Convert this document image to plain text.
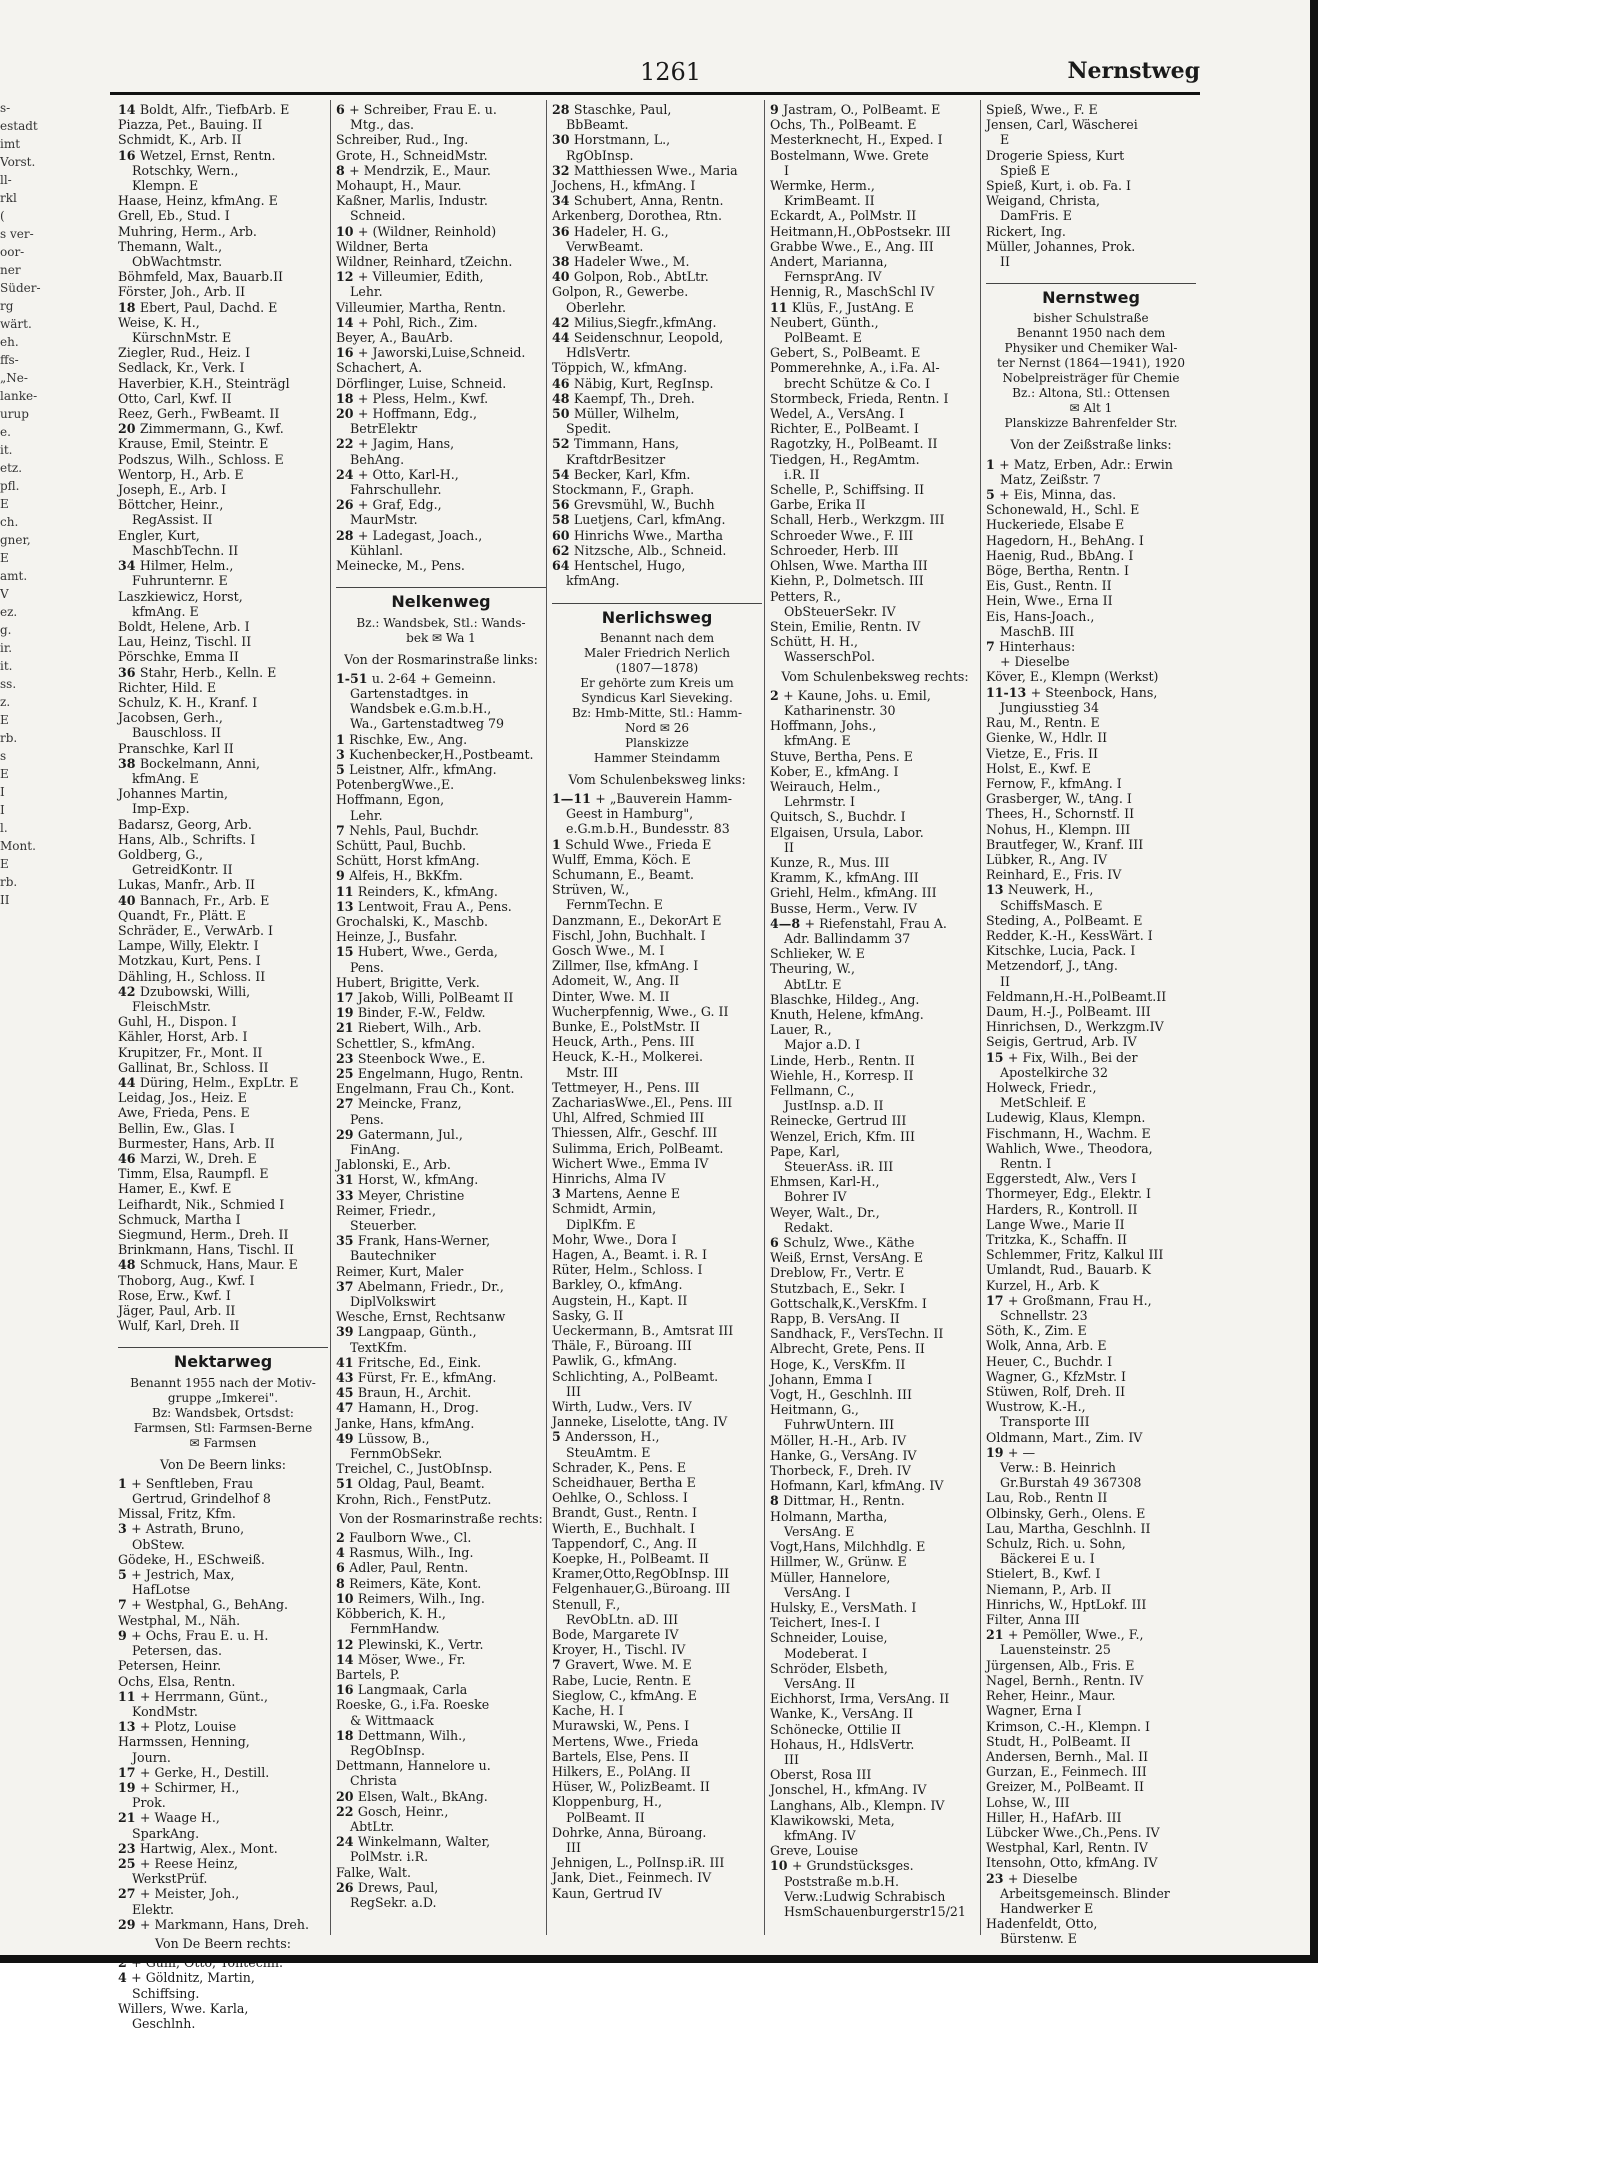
1261	Nernstweg
s-
estadt
imt
Vorst.
ll-
rkl
(
s ver-
oor-
ner
Süder-
rg
wärt.
eh.
ffs-
„Ne-
lanke-
urup
e.
it.
etz.
pfl.
E
ch.
gner,
E
amt.
V
ez.
g.
ir.
it.
ss.
z.
E
rb.
s
E
I
I
l.
Mont.
E
rb.
II
14 Boldt, Alfr., TiefbArb. E
Piazza, Pet., Bauing. II
Schmidt, K., Arb. II
16 Wetzel, Ernst, Rentn.
Rotschky, Wern.,
Klempn. E
Haase, Heinz, kfmAng. E
Grell, Eb., Stud. I
Muhring, Herm., Arb.
Themann, Walt.,
ObWachtmstr.
Böhmfeld, Max, Bauarb.II
Förster, Joh., Arb. II
18 Ebert, Paul, Dachd. E
Weise, K. H.,
KürschnMstr. E
Ziegler, Rud., Heiz. I
Sedlack, Kr., Verk. I
Haverbier, K.H., Steinträgl
Otto, Carl, Kwf. II
Reez, Gerh., FwBeamt. II
20 Zimmermann, G., Kwf.
Krause, Emil, Steintr. E
Podszus, Wilh., Schloss. E
Wentorp, H., Arb. E
Joseph, E., Arb. I
Böttcher, Heinr.,
RegAssist. II
Engler, Kurt,
MaschbTechn. II
34 Hilmer, Helm.,
Fuhrunternr. E
Laszkiewicz, Horst,
kfmAng. E
Boldt, Helene, Arb. I
Lau, Heinz, Tischl. II
Pörschke, Emma II
36 Stahr, Herb., Kelln. E
Richter, Hild. E
Schulz, K. H., Kranf. I
Jacobsen, Gerh.,
Bauschloss. II
Pranschke, Karl II
38 Bockelmann, Anni,
kfmAng. E
Johannes Martin,
Imp-Exp.
Badarsz, Georg, Arb.
Hans, Alb., Schrifts. I
Goldberg, G.,
GetreidKontr. II
Lukas, Manfr., Arb. II
40 Bannach, Fr., Arb. E
Quandt, Fr., Plätt. E
Schräder, E., VerwArb. I
Lampe, Willy, Elektr. I
Motzkau, Kurt, Pens. I
Dähling, H., Schloss. II
42 Dzubowski, Willi,
FleischMstr.
Guhl, H., Dispon. I
Kähler, Horst, Arb. I
Krupitzer, Fr., Mont. II
Gallinat, Br., Schloss. II
44 Düring, Helm., ExpLtr. E
Leidag, Jos., Heiz. E
Awe, Frieda, Pens. E
Bellin, Ew., Glas. I
Burmester, Hans, Arb. II
46 Marzi, W., Dreh. E
Timm, Elsa, Raumpfl. E
Hamer, E., Kwf. E
Leifhardt, Nik., Schmied I
Schmuck, Martha I
Siegmund, Herm., Dreh. II
Brinkmann, Hans, Tischl. II
48 Schmuck, Hans, Maur. E
Thoborg, Aug., Kwf. I
Rose, Erw., Kwf. I
Jäger, Paul, Arb. II
Wulf, Karl, Dreh. II
Nektarweg
Benannt 1955 nach der Motiv-
gruppe „Imkerei".
Bz: Wandsbek, Ortsdst:
Farmsen, Stl: Farmsen-Berne
✉ Farmsen
Von De Beern links:
1 + Senftleben, Frau
Gertrud, Grindelhof 8
Missal, Fritz, Kfm.
3 + Astrath, Bruno,
ObStew.
Gödeke, H., ESchweiß.
5 + Jestrich, Max,
HafLotse
7 + Westphal, G., BehAng.
Westphal, M., Näh.
9 + Ochs, Frau E. u. H.
Petersen, das.
Petersen, Heinr.
Ochs, Elsa, Rentn.
11 + Herrmann, Günt.,
KondMstr.
13 + Plotz, Louise
Harmssen, Henning,
Journ.
17 + Gerke, H., Destill.
19 + Schirmer, H.,
Prok.
21 + Waage H.,
SparkAng.
23 Hartwig, Alex., Mont.
25 + Reese Heinz,
WerkstPrüf.
27 + Meister, Joh.,
Elektr.
29 + Markmann, Hans, Dreh.
Von De Beern rechts:
4 + Göldnitz, Martin,
Schiffsing.
Willers, Wwe. Karla,
Geschlnh.
6 + Schreiber, Frau E. u.
Mtg., das.
Schreiber, Rud., Ing.
Grote, H., SchneidMstr.
8 + Mendrzik, E., Maur.
Mohaupt, H., Maur.
Kaßner, Marlis, Industr.
Schneid.
10 + (Wildner, Reinhold)
Wildner, Berta
Wildner, Reinhard, tZeichn.
12 + Villeumier, Edith,
Lehr.
Villeumier, Martha, Rentn.
14 + Pohl, Rich., Zim.
Beyer, A., BauArb.
16 + Jaworski,Luise,Schneid.
Schachert, A.
Dörflinger, Luise, Schneid.
18 + Pless, Helm., Kwf.
20 + Hoffmann, Edg.,
BetrElektr
22 + Jagim, Hans,
BehAng.
24 + Otto, Karl-H.,
Fahrschullehr.
26 + Graf, Edg.,
MaurMstr.
28 + Ladegast, Joach.,
Kühlanl.
Meinecke, M., Pens.
Nelkenweg
Bz.: Wandsbek, Stl.: Wands-
bek ✉ Wa 1
Von der Rosmarinstraße links:
1-51 u. 2-64 + Gemeinn.
Gartenstadtges. in
Wandsbek e.G.m.b.H.,
Wa., Gartenstadtweg 79
1 Rischke, Ew., Ang.
3 Kuchenbecker,H.,Postbeamt.
5 Leistner, Alfr., kfmAng.
PotenbergWwe.,E.
Hoffmann, Egon,
Lehr.
7 Nehls, Paul, Buchdr.
Schütt, Paul, Buchb.
Schütt, Horst kfmAng.
9 Alfeis, H., BkKfm.
11 Reinders, K., kfmAng.
13 Lentwoit, Frau A., Pens.
Grochalski, K., Maschb.
Heinze, J., Busfahr.
15 Hubert, Wwe., Gerda,
Pens.
Hubert, Brigitte, Verk.
17 Jakob, Willi, PolBeamt II
19 Binder, F.-W., Feldw.
21 Riebert, Wilh., Arb.
Schettler, S., kfmAng.
23 Steenbock Wwe., E.
25 Engelmann, Hugo, Rentn.
Engelmann, Frau Ch., Kont.
27 Meincke, Franz,
Pens.
29 Gatermann, Jul.,
FinAng.
Jablonski, E., Arb.
31 Horst, W., kfmAng.
33 Meyer, Christine
Reimer, Friedr.,
Steuerber.
35 Frank, Hans-Werner,
Bautechniker
Reimer, Kurt, Maler
37 Abelmann, Friedr., Dr.,
DiplVolkswirt
Wesche, Ernst, Rechtsanw
39 Langpaap, Günth.,
TextKfm.
41 Fritsche, Ed., Eink.
43 Fürst, Fr. E., kfmAng.
45 Braun, H., Archit.
47 Hamann, H., Drog.
Janke, Hans, kfmAng.
49 Lüssow, B.,
FernmObSekr.
Treichel, C., JustObInsp.
51 Oldag, Paul, Beamt.
Krohn, Rich., FenstPutz.
Von der Rosmarinstraße rechts:
2 Faulborn Wwe., Cl.
4 Rasmus, Wilh., Ing.
6 Adler, Paul, Rentn.
8 Reimers, Käte, Kont.
10 Reimers, Wilh., Ing.
Köbberich, K. H.,
FernmHandw.
12 Plewinski, K., Vertr.
14 Möser, Wwe., Fr.
Bartels, P.
16 Langmaak, Carla
Roeske, G., i.Fa. Roeske
& Wittmaack
18 Dettmann, Wilh.,
RegObInsp.
Dettmann, Hannelore u.
Christa
20 Elsen, Walt., BkAng.
22 Gosch, Heinr.,
AbtLtr.
24 Winkelmann, Walter,
PolMstr. i.R.
Falke, Walt.
26 Drews, Paul,
RegSekr. a.D.
28 Staschke, Paul,
BbBeamt.
30 Horstmann, L.,
RgObInsp.
32 Matthiessen Wwe., Maria
Jochens, H., kfmAng. I
34 Schubert, Anna, Rentn.
Arkenberg, Dorothea, Rtn.
36 Hadeler, H. G.,
VerwBeamt.
38 Hadeler Wwe., M.
40 Golpon, Rob., AbtLtr.
Golpon, R., Gewerbe.
Oberlehr.
42 Milius,Siegfr.,kfmAng.
44 Seidenschnur, Leopold,
HdlsVertr.
Töppich, W., kfmAng.
46 Näbig, Kurt, RegInsp.
48 Kaempf, Th., Dreh.
50 Müller, Wilhelm,
Spedit.
52 Timmann, Hans,
KraftdrBesitzer
54 Becker, Karl, Kfm.
Stockmann, F., Graph.
56 Grevsmühl, W., Buchh
58 Luetjens, Carl, kfmAng.
60 Hinrichs Wwe., Martha
62 Nitzsche, Alb., Schneid.
64 Hentschel, Hugo,
kfmAng.
Nerlichsweg
Benannt nach dem
Maler Friedrich Nerlich
(1807—1878)
Er gehörte zum Kreis um
Syndicus Karl Sieveking.
Bz: Hmb-Mitte, Stl.: Hamm-
Nord ✉ 26
Planskizze
Hammer Steindamm
Vom Schulenbeksweg links:
1—11 + „Bauverein Hamm-
Geest in Hamburg",
e.G.m.b.H., Bundesstr. 83
1 Schuld Wwe., Frieda E
Wulff, Emma, Köch. E
Schumann, E., Beamt.
Strüven, W.,
FernmTechn. E
Danzmann, E., DekorArt E
Fischl, John, Buchhalt. I
Gosch Wwe., M. I
Zillmer, Ilse, kfmAng. I
Adomeit, W., Ang. II
Dinter, Wwe. M. II
Wucherpfennig, Wwe., G. II
Bunke, E., PolstMstr. II
Heuck, Arth., Pens. III
Heuck, K.-H., Molkerei.
Mstr. III
Tettmeyer, H., Pens. III
ZachariasWwe.,El., Pens. III
Uhl, Alfred, Schmied III
Thiessen, Alfr., Geschf. III
Sulimma, Erich, PolBeamt.
Wichert Wwe., Emma IV
Hinrichs, Alma IV
3 Martens, Aenne E
Schmidt, Armin,
DiplKfm. E
Mohr, Wwe., Dora I
Hagen, A., Beamt. i. R. I
Rüter, Helm., Schloss. I
Barkley, O., kfmAng.
Augstein, H., Kapt. II
Sasky, G. II
Ueckermann, B., Amtsrat III
Thäle, F., Büroang. III
Pawlik, G., kfmAng.
Schlichting, A., PolBeamt.
III
Wirth, Ludw., Vers. IV
Janneke, Liselotte, tAng. IV
5 Andersson, H.,
SteuAmtm. E
Schrader, K., Pens. E
Scheidhauer, Bertha E
Oehlke, O., Schloss. I
Brandt, Gust., Rentn. I
Wierth, E., Buchhalt. I
Tappendorf, C., Ang. II
Koepke, H., PolBeamt. II
Kramer,Otto,RegObInsp. III
Felgenhauer,G.,Büroang. III
Stenull, F.,
RevObLtn. aD. III
Bode, Margarete IV
Kroyer, H., Tischl. IV
7 Gravert, Wwe. M. E
Rabe, Lucie, Rentn. E
Sieglow, C., kfmAng. E
Kache, H. I
Murawski, W., Pens. I
Mertens, Wwe., Frieda
Bartels, Else, Pens. II
Hilkers, E., PolAng. II
Hüser, W., PolizBeamt. II
Kloppenburg, H.,
PolBeamt. II
Dohrke, Anna, Büroang.
III
Jehnigen, L., PolInsp.iR. III
Jank, Diet., Feinmech. IV
Kaun, Gertrud IV
9 Jastram, O., PolBeamt. E
Ochs, Th., PolBeamt. E
Mesterknecht, H., Exped. I
Bostelmann, Wwe. Grete
I
Wermke, Herm.,
KrimBeamt. II
Eckardt, A., PolMstr. II
Heitmann,H.,ObPostsekr. III
Grabbe Wwe., E., Ang. III
Andert, Marianna,
FernsprAng. IV
Hennig, R., MaschSchl IV
11 Klüs, F., JustAng. E
Neubert, Günth.,
PolBeamt. E
Gebert, S., PolBeamt. E
Pommerehnke, A., i.Fa. Al-
brecht Schütze & Co. I
Stormbeck, Frieda, Rentn. I
Wedel, A., VersAng. I
Richter, E., PolBeamt. I
Ragotzky, H., PolBeamt. II
Tiedgen, H., RegAmtm.
i.R. II
Schelle, P., Schiffsing. II
Garbe, Erika II
Schall, Herb., Werkzgm. III
Schroeder Wwe., F. III
Schroeder, Herb. III
Ohlsen, Wwe. Martha III
Kiehn, P., Dolmetsch. III
Petters, R.,
ObSteuerSekr. IV
Stein, Emilie, Rentn. IV
Schütt, H. H.,
WasserschPol.
Vom Schulenbeksweg rechts:
2 + Kaune, Johs. u. Emil,
Katharinenstr. 30
Hoffmann, Johs.,
kfmAng. E
Stuve, Bertha, Pens. E
Kober, E., kfmAng. I
Weirauch, Helm.,
Lehrmstr. I
Quitsch, S., Buchdr. I
Elgaisen, Ursula, Labor.
II
Kunze, R., Mus. III
Kramm, K., kfmAng. III
Griehl, Helm., kfmAng. III
Busse, Herm., Verw. IV
4—8 + Riefenstahl, Frau A.
Adr. Ballindamm 37
Schlieker, W. E
Theuring, W.,
AbtLtr. E
Blaschke, Hildeg., Ang.
Knuth, Helene, kfmAng.
Lauer, R.,
Major a.D. I
Linde, Herb., Rentn. II
Wiehle, H., Korresp. II
Fellmann, C.,
JustInsp. a.D. II
Reinecke, Gertrud III
Wenzel, Erich, Kfm. III
Pape, Karl,
SteuerAss. iR. III
Ehmsen, Karl-H.,
Bohrer IV
Weyer, Walt., Dr.,
Redakt.
6 Schulz, Wwe., Käthe
Weiß, Ernst, VersAng. E
Dreblow, Fr., Vertr. E
Stutzbach, E., Sekr. I
Gottschalk,K.,VersKfm. I
Rapp, B. VersAng. II
Sandhack, F., VersTechn. II
Albrecht, Grete, Pens. II
Hoge, K., VersKfm. II
Johann, Emma I
Vogt, H., Geschlnh. III
Heitmann, G.,
FuhrwUntern. III
Möller, H.-H., Arb. IV
Hanke, G., VersAng. IV
Thorbeck, F., Dreh. IV
Hofmann, Karl, kfmAng. IV
8 Dittmar, H., Rentn.
Holmann, Martha,
VersAng. E
Vogt,Hans, Milchhdlg. E
Hillmer, W., Grünw. E
Müller, Hannelore,
VersAng. I
Hulsky, E., VersMath. I
Teichert, Ines-I. I
Schneider, Louise,
Modeberat. I
Schröder, Elsbeth,
VersAng. II
Eichhorst, Irma, VersAng. II
Wanke, K., VersAng. II
Schönecke, Ottilie II
Hohaus, H., HdlsVertr.
III
Oberst, Rosa III
Jonschel, H., kfmAng. IV
Langhans, Alb., Klempn. IV
Klawikowski, Meta,
kfmAng. IV
Greve, Louise
10 + Grundstücksges.
Poststraße m.b.H.
Verw.:Ludwig Schrabisch
HsmSchauenburgerstr15/21
Spieß, Wwe., F. E
Jensen, Carl, Wäscherei
E
Drogerie Spiess, Kurt
Spieß E
Spieß, Kurt, i. ob. Fa. I
Weigand, Christa,
DamFris. E
Rickert, Ing.
Müller, Johannes, Prok.
II
Nernstweg
bisher Schulstraße
Benannt 1950 nach dem
Physiker und Chemiker Wal-
ter Nernst (1864—1941), 1920
Nobelpreisträger für Chemie
Bz.: Altona, Stl.: Ottensen
✉ Alt 1
Planskizze Bahrenfelder Str.
Von der Zeißstraße links:
1 + Matz, Erben, Adr.: Erwin
Matz, Zeißstr. 7
5 + Eis, Minna, das.
Schonewald, H., Schl. E
Huckeriede, Elsabe E
Hagedorn, H., BehAng. I
Haenig, Rud., BbAng. I
Böge, Bertha, Rentn. I
Eis, Gust., Rentn. II
Hein, Wwe., Erna II
Eis, Hans-Joach.,
MaschB. III
7 Hinterhaus:
+ Dieselbe
Köver, E., Klempn (Werkst)
11-13 + Steenbock, Hans,
Jungiusstieg 34
Rau, M., Rentn. E
Gienke, W., Hdlr. II
Vietze, E., Fris. II
Holst, E., Kwf. E
Fernow, F., kfmAng. I
Grasberger, W., tAng. I
Thees, H., Schornstf. II
Nohus, H., Klempn. III
Brautfeger, W., Kranf. III
Lübker, R., Ang. IV
Reinhard, E., Fris. IV
13 Neuwerk, H.,
SchiffsMasch. E
Steding, A., PolBeamt. E
Redder, K.-H., KessWärt. I
Kitschke, Lucia, Pack. I
Metzendorf, J., tAng.
II
Feldmann,H.-H.,PolBeamt.II
Daum, H.-J., PolBeamt. III
Hinrichsen, D., Werkzgm.IV
Seigis, Gertrud, Arb. IV
15 + Fix, Wilh., Bei der
Apostelkirche 32
Holweck, Friedr.,
MetSchleif. E
Ludewig, Klaus, Klempn.
Fischmann, H., Wachm. E
Wahlich, Wwe., Theodora,
Rentn. I
Eggerstedt, Alw., Vers I
Thormeyer, Edg., Elektr. I
Harders, R., Kontroll. II
Lange Wwe., Marie II
Tritzka, K., Schaffn. II
Schlemmer, Fritz, Kalkul III
Umlandt, Rud., Bauarb. K
Kurzel, H., Arb. K
17 + Großmann, Frau H.,
Schnellstr. 23
Söth, K., Zim. E
Wolk, Anna, Arb. E
Heuer, C., Buchdr. I
Wagner, G., KfzMstr. I
Stüwen, Rolf, Dreh. II
Wustrow, K.-H.,
Transporte III
Oldmann, Mart., Zim. IV
19 + —
Verw.: B. Heinrich
Gr.Burstah 49 367308
Lau, Rob., Rentn II
Olbinsky, Gerh., Olens. E
Lau, Martha, Geschlnh. II
Schulz, Rich. u. Sohn,
Bäckerei E u. I
Stielert, B., Kwf. I
Niemann, P., Arb. II
Hinrichs, W., HptLokf. III
Filter, Anna III
21 + Pemöller, Wwe., F.,
Lauensteinstr. 25
Jürgensen, Alb., Fris. E
Nagel, Bernh., Rentn. IV
Reher, Heinr., Maur.
Wagner, Erna I
Krimson, C.-H., Klempn. I
Studt, H., PolBeamt. II
Andersen, Bernh., Mal. II
Gurzan, E., Feinmech. III
Greizer, M., PolBeamt. II
Lohse, W., III
Hiller, H., HafArb. III
Lübcker Wwe.,Ch.,Pens. IV
Westphal, Karl, Rentn. IV
Itensohn, Otto, kfmAng. IV
23 + Dieselbe
Arbeitsgemeinsch. Blinder
Handwerker E
Hadenfeldt, Otto,
Bürstenw. E
